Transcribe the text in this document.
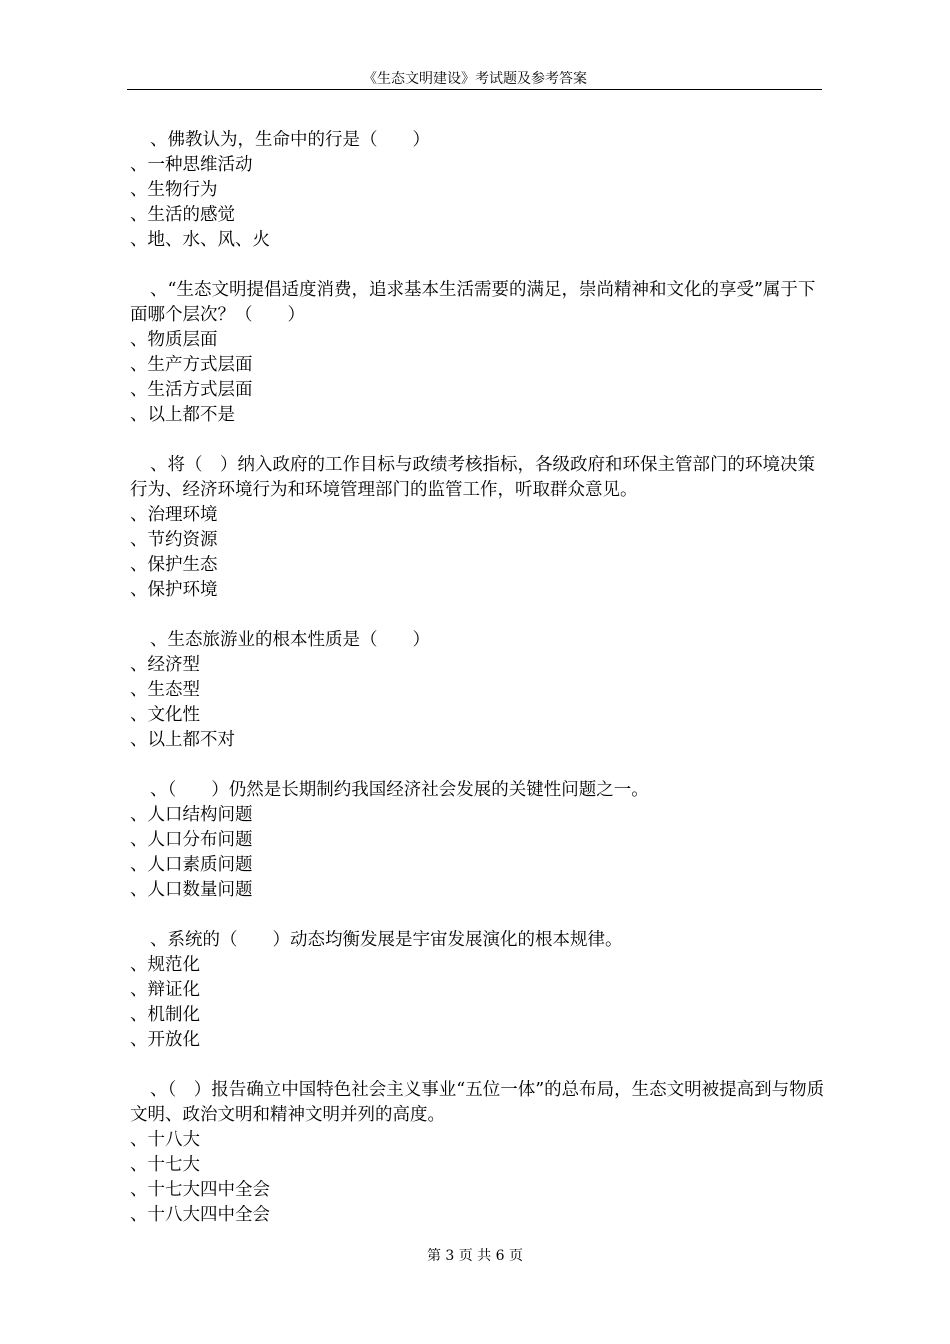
《生态文明建设》考试题及参考答案

、佛教认为，生命中的行是（　　）

、一种思维活动

、生物行为

、生活的感觉

、地、水、风、火

、“生态文明提倡适度消费，追求基本生活需要的满足，崇尚精神和文化的享受”属于下面哪个层次？（　　）

、物质层面

、生产方式层面

、生活方式层面

、以上都不是

、将（　）纳入政府的工作目标与政绩考核指标，各级政府和环保主管部门的环境决策行为、经济环境行为和环境管理部门的监管工作，听取群众意见。

、治理环境

、节约资源

、保护生态

、保护环境

、生态旅游业的根本性质是（　　）

、经济型

、生态型

、文化性

、以上都不对

、（　　）仍然是长期制约我国经济社会发展的关键性问题之一。

、人口结构问题

、人口分布问题

、人口素质问题

、人口数量问题

、系统的（　　）动态均衡发展是宇宙发展演化的根本规律。

、规范化

、辩证化

、机制化

、开放化

、（　）报告确立中国特色社会主义事业“五位一体”的总布局，生态文明被提高到与物质文明、政治文明和精神文明并列的高度。

、十八大

、十七大

、十七大四中全会

、十八大四中全会

第 3 页 共 6 页
